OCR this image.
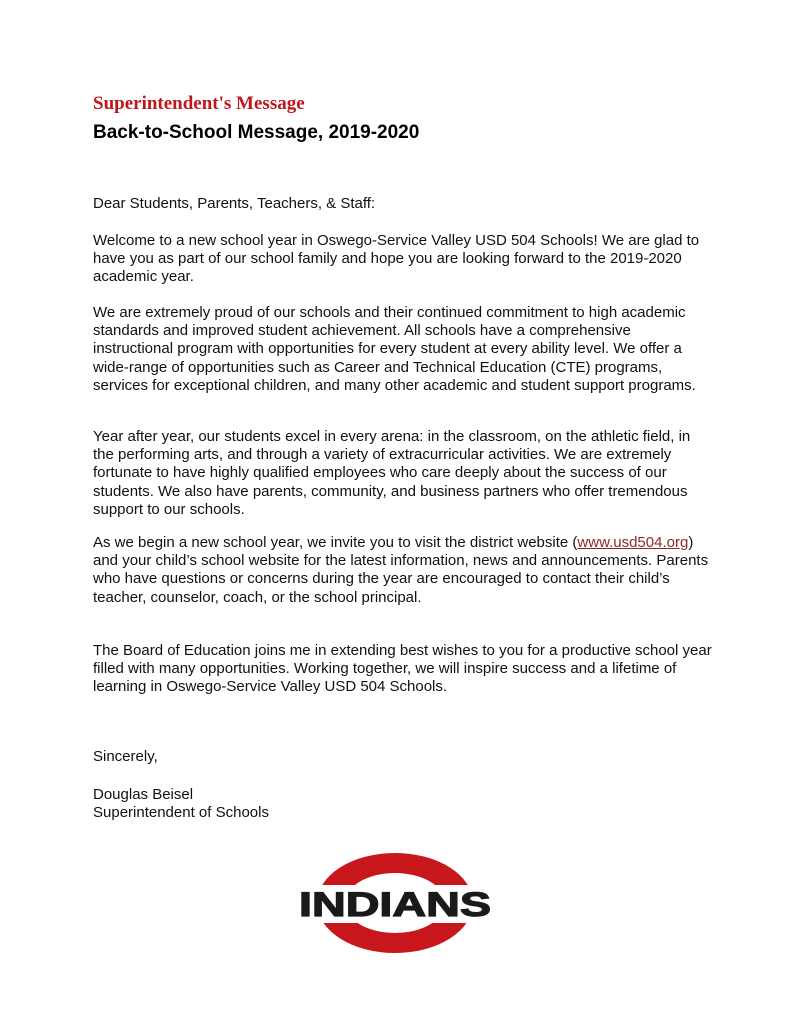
Superintendent's Message
Back-to-School Message, 2019-2020

Dear Students, Parents, Teachers, & Staff:

Welcome to a new school year in Oswego-Service Valley USD 504 Schools! We are glad to have you as part of our school family and hope you are looking forward to the 2019-2020 academic year.

We are extremely proud of our schools and their continued commitment to high academic standards and improved student achievement. All schools have a comprehensive instructional program with opportunities for every student at every ability level. We offer a wide-range of opportunities such as Career and Technical Education (CTE) programs, services for exceptional children, and many other academic and student support programs.

Year after year, our students excel in every arena: in the classroom, on the athletic field, in the performing arts, and through a variety of extracurricular activities. We are extremely fortunate to have highly qualified employees who care deeply about the success of our students. We also have parents, community, and business partners who offer tremendous support to our schools.

As we begin a new school year, we invite you to visit the district website (www.usd504.org) and your child’s school website for the latest information, news and announcements. Parents who have questions or concerns during the year are encouraged to contact their child’s teacher, counselor, coach, or the school principal.

The Board of Education joins me in extending best wishes to you for a productive school year filled with many opportunities. Working together, we will inspire success and a lifetime of learning in Oswego-Service Valley USD 504 Schools.

Sincerely,

Douglas Beisel

Superintendent of Schools

INDIANS
